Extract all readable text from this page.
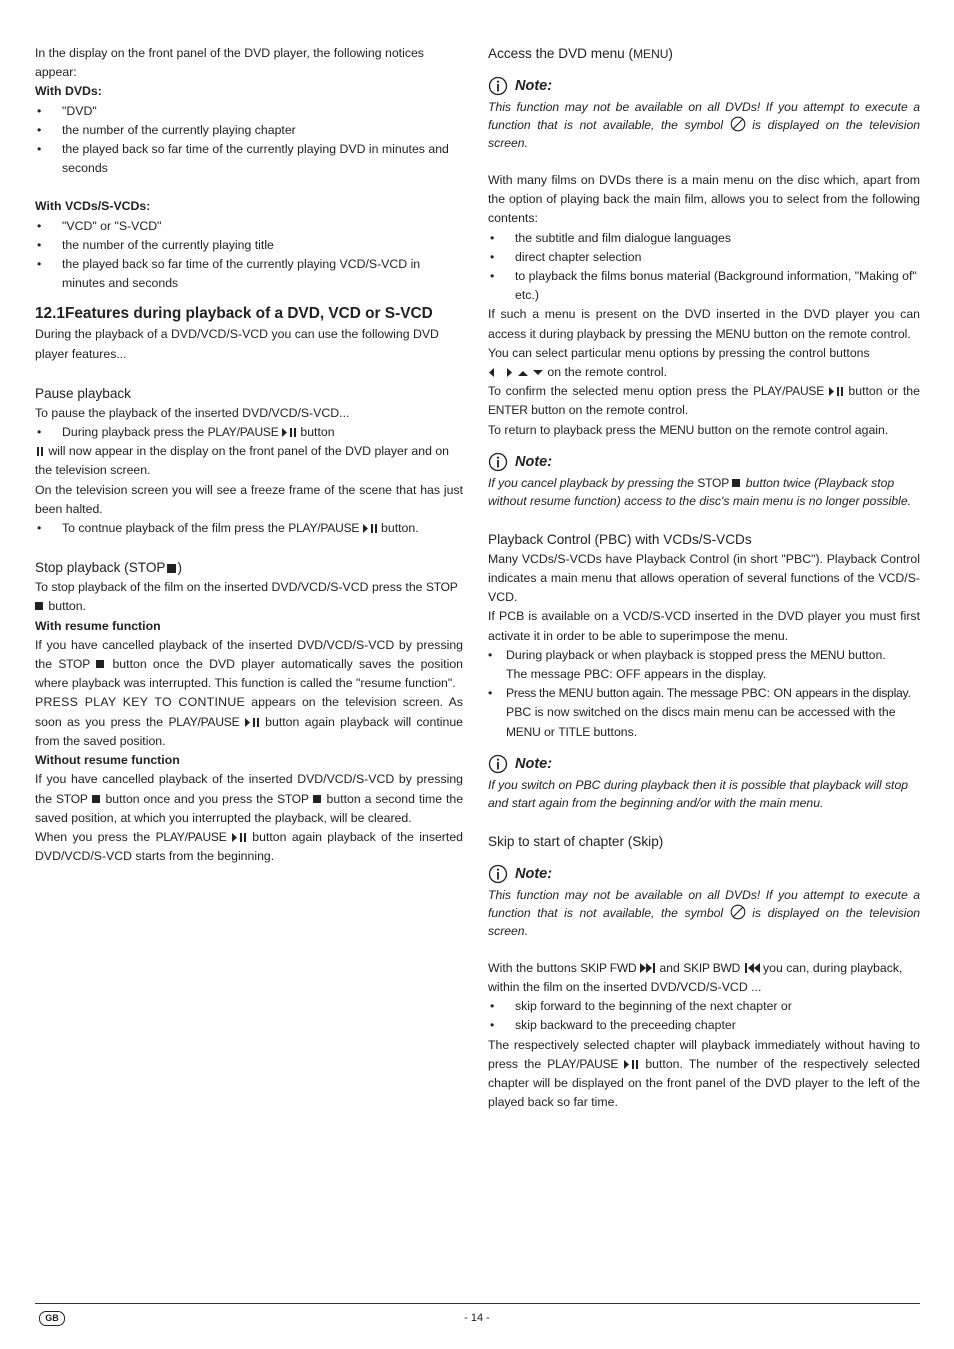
In the display on the front panel of the DVD player, the following notices appear:

With DVDs:

• "DVD"
• the number of the currently playing chapter
• the played back so far time of the currently playing DVD in minutes and seconds

With VCDs/S-VCDs:

• "VCD" or "S-VCD"
• the number of the currently playing title
• the played back so far time of the currently playing VCD/S-VCD in minutes and seconds

12.1Features during playback of a DVD, VCD or S-VCD

During the playback of a DVD/VCD/S-VCD you can use the following DVD player features...

Pause playback

To pause the playback of the inserted DVD/VCD/S-VCD...

• During playback press the PLAY/PAUSE button

will now appear in the display on the front panel of the DVD player and on the television screen.

On the television screen you will see a freeze frame of the scene that has just been halted.

• To contnue playback of the film press the PLAY/PAUSE button.

Stop playback (STOP )

To stop playback of the film on the inserted DVD/VCD/S-VCD press the STOP  button.

With resume function

If you have cancelled playback of the inserted DVD/VCD/S-VCD by pressing the STOP button once the DVD player automatically saves the position where playback was interrupted. This function is called the "resume function".

PRESS PLAY KEY TO CONTINUE appears on the television screen. As soon as you press the PLAY/PAUSE button again playback will continue from the saved position.

Without resume function

If you have cancelled playback of the inserted DVD/VCD/S-VCD by pressing the STOP button once and you press the STOP button a second time the saved position, at which you interrupted the playback, will be cleared.

When you press the PLAY/PAUSE button again playback of the inserted DVD/VCD/S-VCD starts from the beginning.

Access the DVD menu (MENU)

Note:

This function may not be available on all DVDs! If you attempt to execute a function that is not available, the symbol is displayed on the television screen.

With many films on DVDs there is a main menu on the disc which, apart from the option of playing back the main film, allows you to select from the following contents:

• the subtitle and film dialogue languages
• direct chapter selection
• to playback the films bonus material (Background information, "Making of" etc.)

If such a menu is present on the DVD inserted in the DVD player you can access it during playback by pressing the MENU button on the remote control.

You can select particular menu options by pressing the control buttons

on the remote control.

To confirm the selected menu option press the PLAY/PAUSE button or the ENTER button on the remote control.

To return to playback press the MENU button on the remote control again.

Note:

If you cancel playback by pressing the STOP button twice (Playback stop without resume function) access to the disc's main menu is no longer possible.

Playback Control (PBC) with VCDs/S-VCDs

Many VCDs/S-VCDs have Playback Control (in short "PBC"). Playback Control indicates a main menu that allows operation of several functions of the VCD/S-VCD.

If PCB is available on a VCD/S-VCD inserted in the DVD player you must first activate it in order to be able to superimpose the menu.

• During playback or when playback is stopped press the MENU button.
The message PBC: OFF appears in the display.
• Press the MENU button again. The message PBC: ON appears in the display.
PBC is now switched on the discs main menu can be accessed with the MENU or TITLE buttons.
Note:

If you switch on PBC during playback then it is possible that playback will stop and start again from the beginning and/or with the main menu.

Skip to start of chapter (Skip)

Note:

This function may not be available on all DVDs! If you attempt to execute a function that is not available, the symbol is displayed on the television screen.

With the buttons SKIP FWD and SKIP BWD you can, during playback, within the film on the inserted DVD/VCD/S-VCD ...

• skip forward to the beginning of the next chapter or
• skip backward to the preceeding chapter

The respectively selected chapter will playback immediately without having to press the PLAY/PAUSE button. The number of the respectively selected chapter will be displayed on the front panel of the DVD player to the left of the played back so far time.

GB	- 14 -
